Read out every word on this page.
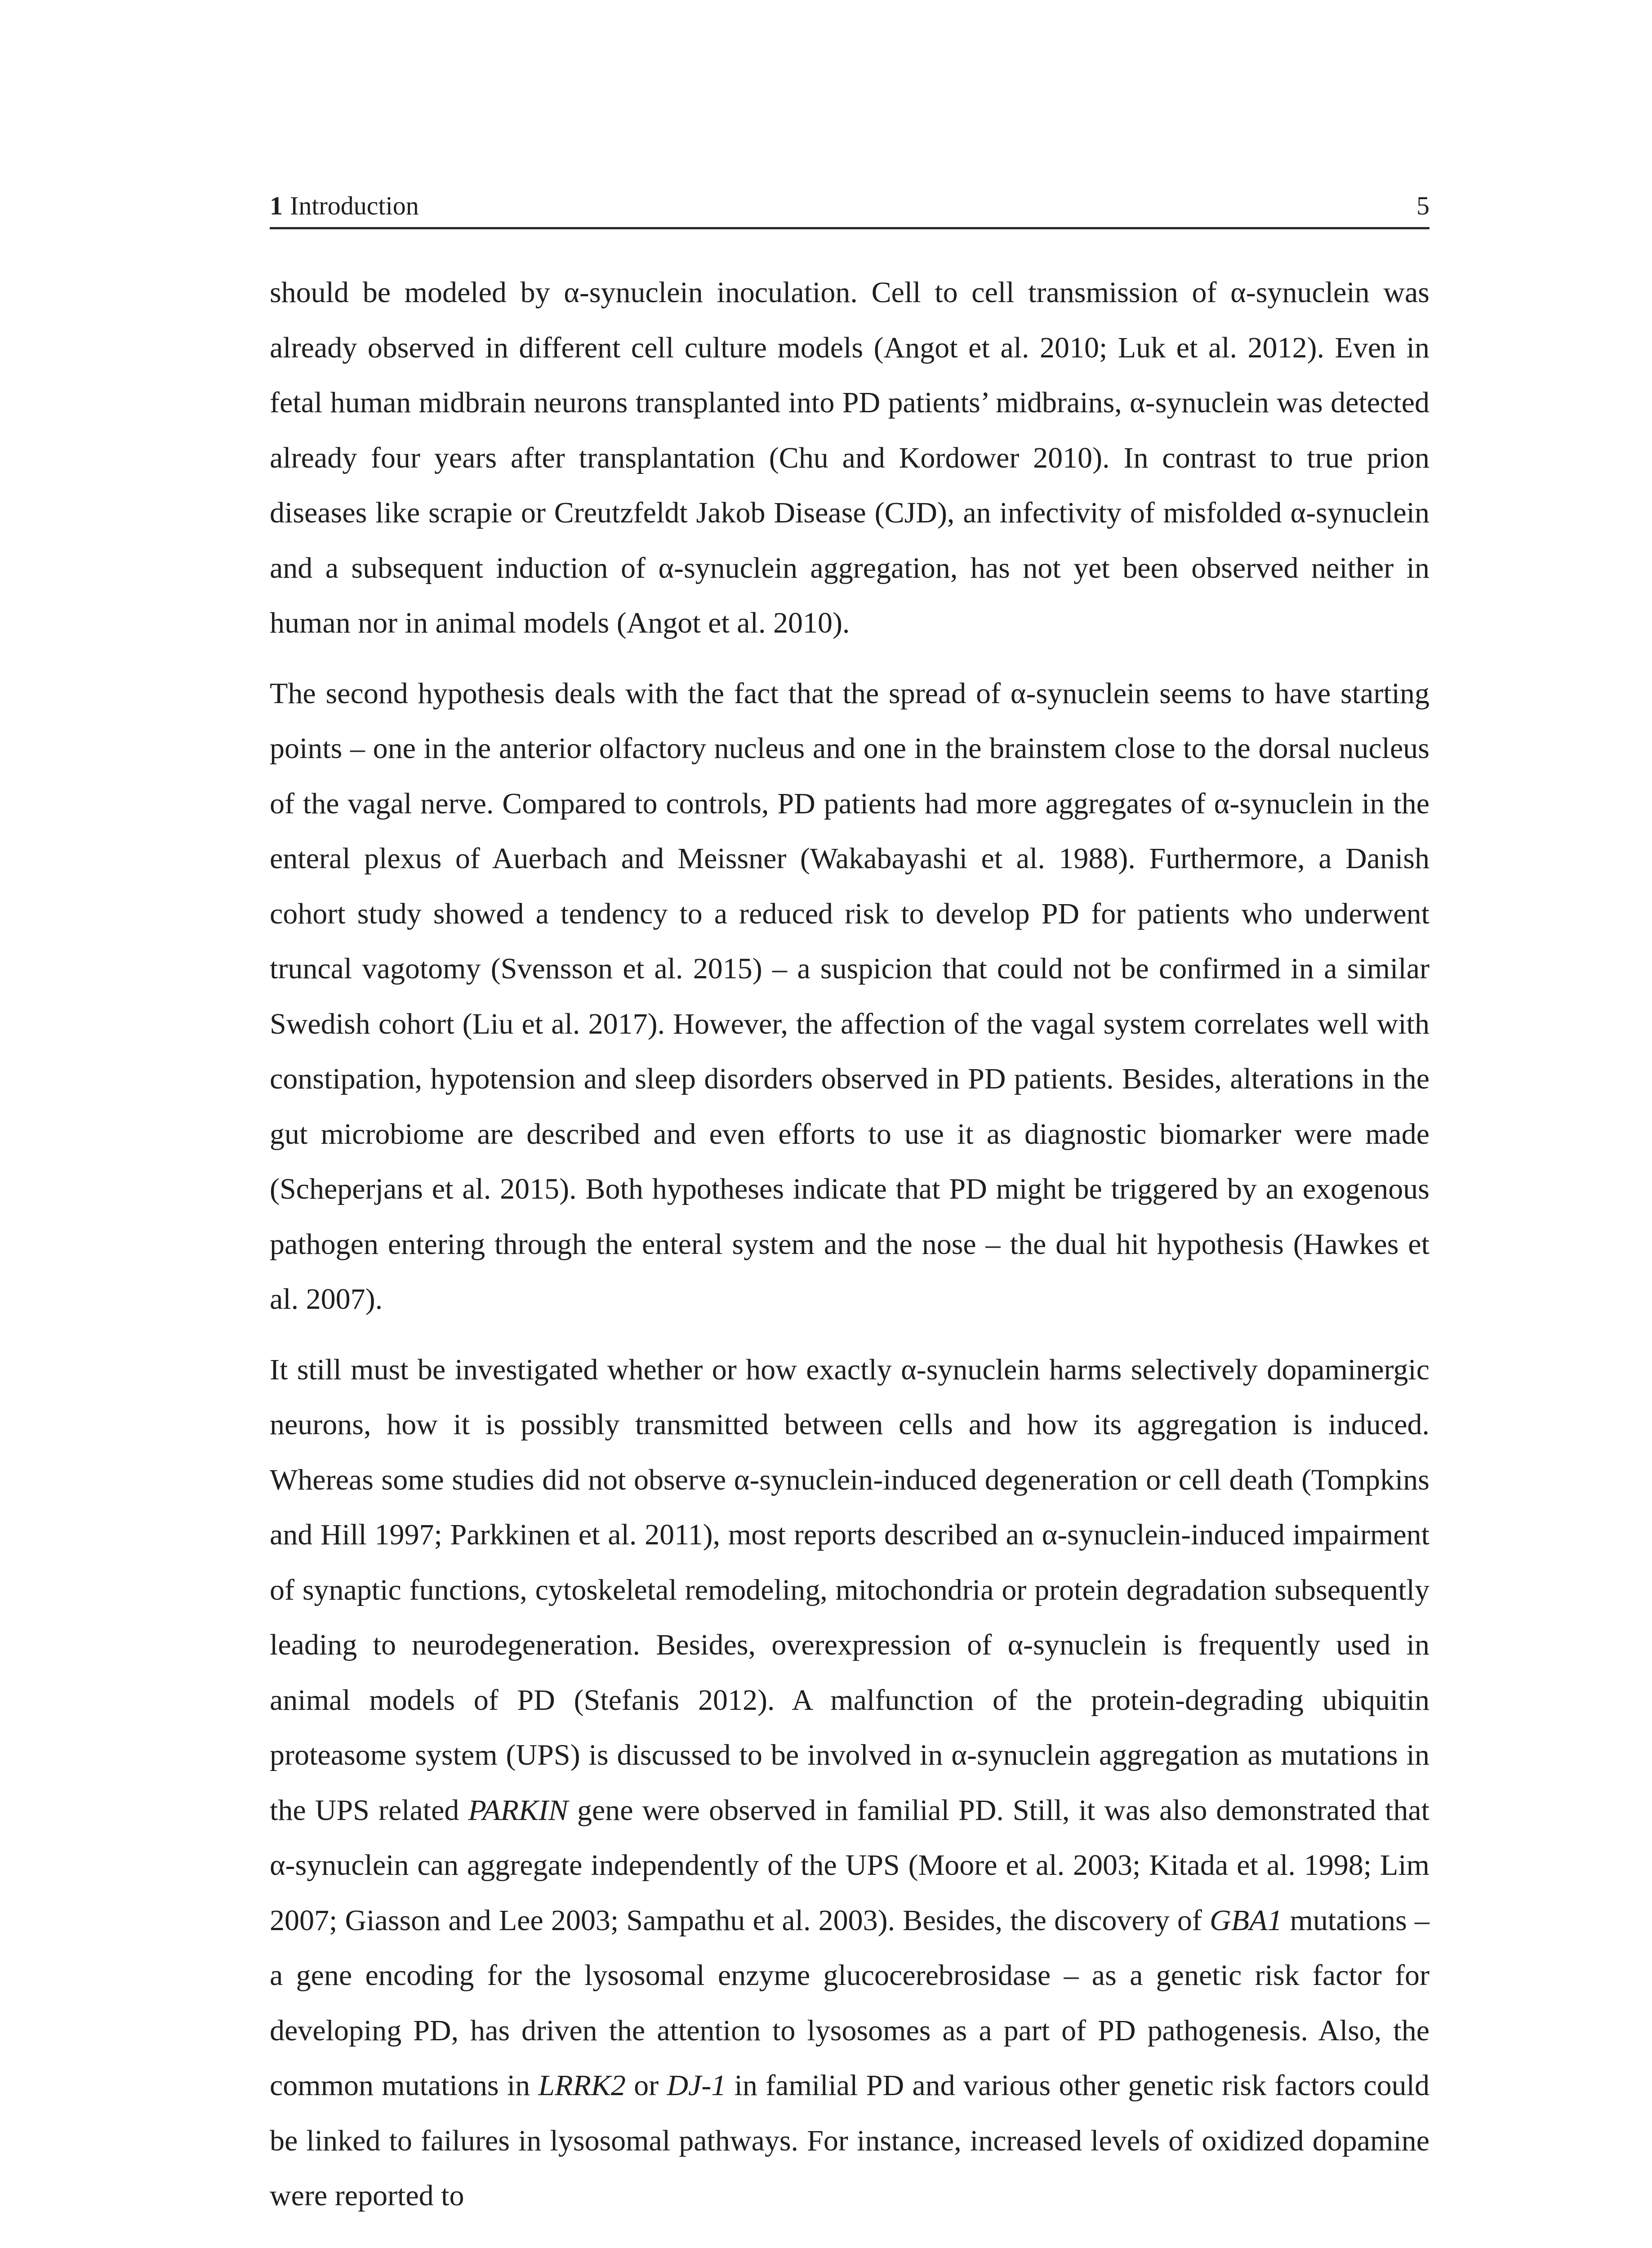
1 Introduction	5

should be modeled by α-synuclein inoculation. Cell to cell transmission of α-synuclein was already observed in different cell culture models (Angot et al. 2010; Luk et al. 2012). Even in fetal human midbrain neurons transplanted into PD patients’ midbrains, α-synuclein was detected already four years after transplantation (Chu and Kordower 2010). In contrast to true prion diseases like scrapie or Creutzfeldt Jakob Disease (CJD), an infectivity of misfolded α-synuclein and a subsequent induction of α-synuclein aggregation, has not yet been observed neither in human nor in animal models (Angot et al. 2010).

The second hypothesis deals with the fact that the spread of α-synuclein seems to have starting points – one in the anterior olfactory nucleus and one in the brainstem close to the dorsal nucleus of the vagal nerve. Compared to controls, PD patients had more aggregates of α-synuclein in the enteral plexus of Auerbach and Meissner (Wakabayashi et al. 1988). Furthermore, a Danish cohort study showed a tendency to a reduced risk to develop PD for patients who underwent truncal vagotomy (Svensson et al. 2015) – a suspicion that could not be confirmed in a similar Swedish cohort (Liu et al. 2017). However, the affection of the vagal system correlates well with constipation, hypotension and sleep disorders observed in PD patients. Besides, alterations in the gut microbiome are described and even efforts to use it as diagnostic biomarker were made (Scheperjans et al. 2015). Both hypotheses indicate that PD might be triggered by an exogenous pathogen entering through the enteral system and the nose – the dual hit hypothesis (Hawkes et al. 2007).

It still must be investigated whether or how exactly α-synuclein harms selectively dopaminergic neurons, how it is possibly transmitted between cells and how its aggregation is induced. Whereas some studies did not observe α-synuclein-induced degeneration or cell death (Tompkins and Hill 1997; Parkkinen et al. 2011), most reports described an α-synuclein-induced impairment of synaptic functions, cytoskeletal remodeling, mitochondria or protein degradation subsequently leading to neurodegeneration. Besides, overexpression of α-synuclein is frequently used in animal models of PD (Stefanis 2012). A malfunction of the protein-degrading ubiquitin proteasome system (UPS) is discussed to be involved in α-synuclein aggregation as mutations in the UPS related PARKIN gene were observed in familial PD. Still, it was also demonstrated that α-synuclein can aggregate independently of the UPS (Moore et al. 2003; Kitada et al. 1998; Lim 2007; Giasson and Lee 2003; Sampathu et al. 2003). Besides, the discovery of GBA1 mutations – a gene encoding for the lysosomal enzyme glucocerebrosidase – as a genetic risk factor for developing PD, has driven the attention to lysosomes as a part of PD pathogenesis. Also, the common mutations in LRRK2 or DJ-1 in familial PD and various other genetic risk factors could be linked to failures in lysosomal pathways. For instance, increased levels of oxidized dopamine were reported to
